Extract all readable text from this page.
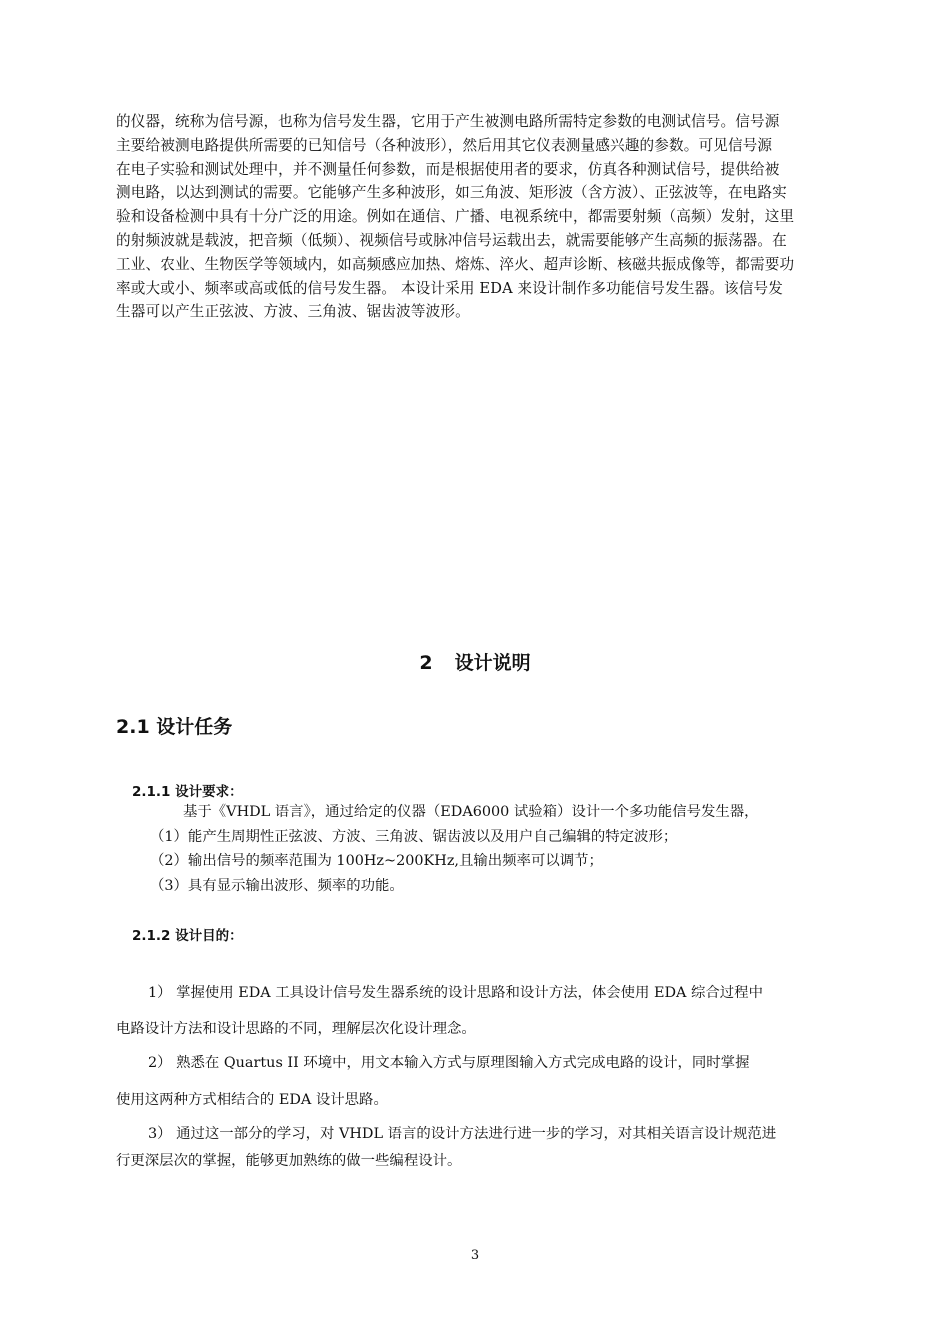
的仪器，统称为信号源，也称为信号发生器，它用于产生被测电路所需特定参数的电测试信号。信号源
主要给被测电路提供所需要的已知信号（各种波形），然后用其它仪表测量感兴趣的参数。可见信号源
在电子实验和测试处理中，并不测量任何参数，而是根据使用者的要求，仿真各种测试信号，提供给被
测电路，以达到测试的需要。它能够产生多种波形，如三角波、矩形波（含方波）、正弦波等，在电路实
验和设备检测中具有十分广泛的用途。例如在通信、广播、电视系统中，都需要射频（高频）发射，这里
的射频波就是载波，把音频（低频）、视频信号或脉冲信号运载出去，就需要能够产生高频的振荡器。在
工业、农业、生物医学等领域内，如高频感应加热、熔炼、淬火、超声诊断、核磁共振成像等，都需要功
率或大或小、频率或高或低的信号发生器。 本设计采用 EDA 来设计制作多功能信号发生器。该信号发
生器可以产生正弦波、方波、三角波、锯齿波等波形。
2 设计说明
2.1 设计任务
2.1.1 设计要求：
基于《VHDL 语言》，通过给定的仪器（EDA6000 试验箱）设计一个多功能信号发生器，
（1）能产生周期性正弦波、方波、三角波、锯齿波以及用户自己编辑的特定波形；
（2）输出信号的频率范围为 100Hz~200KHz,且输出频率可以调节；
（3）具有显示输出波形、频率的功能。
2.1.2 设计目的：

1） 掌握使用 EDA 工具设计信号发生器系统的设计思路和设计方法，体会使用 EDA 综合过程中

电路设计方法和设计思路的不同，理解层次化设计理念。

2） 熟悉在 Quartus II 环境中，用文本输入方式与原理图输入方式完成电路的设计，同时掌握

使用这两种方式相结合的 EDA 设计思路。

3） 通过这一部分的学习，对 VHDL 语言的设计方法进行进一步的学习，对其相关语言设计规范进

行更深层次的掌握，能够更加熟练的做一些编程设计。

3
